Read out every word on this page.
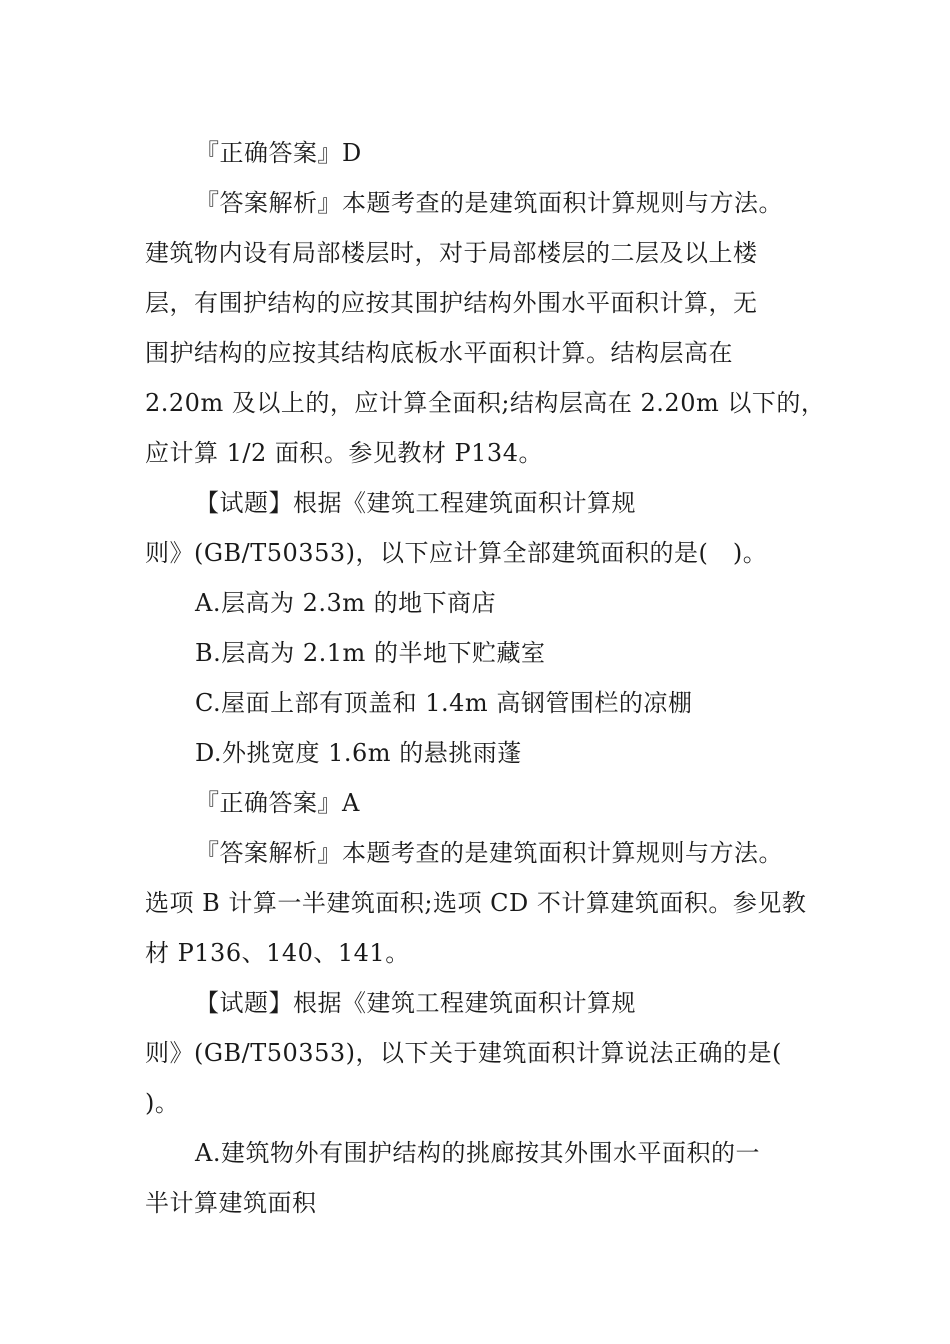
『正确答案』D
『答案解析』本题考查的是建筑面积计算规则与方法。
建筑物内设有局部楼层时，对于局部楼层的二层及以上楼
层，有围护结构的应按其围护结构外围水平面积计算，无
围护结构的应按其结构底板水平面积计算。结构层高在
2.20m 及以上的，应计算全面积;结构层高在 2.20m 以下的，
应计算 1/2 面积。参见教材 P134。
【试题】根据《建筑工程建筑面积计算规
则》(GB/T50353)，以下应计算全部建筑面积的是(　)。
A.层高为 2.3m 的地下商店
B.层高为 2.1m 的半地下贮藏室
C.屋面上部有顶盖和 1.4m 高钢管围栏的凉棚
D.外挑宽度 1.6m 的悬挑雨蓬
『正确答案』A
『答案解析』本题考查的是建筑面积计算规则与方法。
选项 B 计算一半建筑面积;选项 CD 不计算建筑面积。参见教
材 P136、140、141。
【试题】根据《建筑工程建筑面积计算规
则》(GB/T50353)，以下关于建筑面积计算说法正确的是(
)。
A.建筑物外有围护结构的挑廊按其外围水平面积的一
半计算建筑面积
